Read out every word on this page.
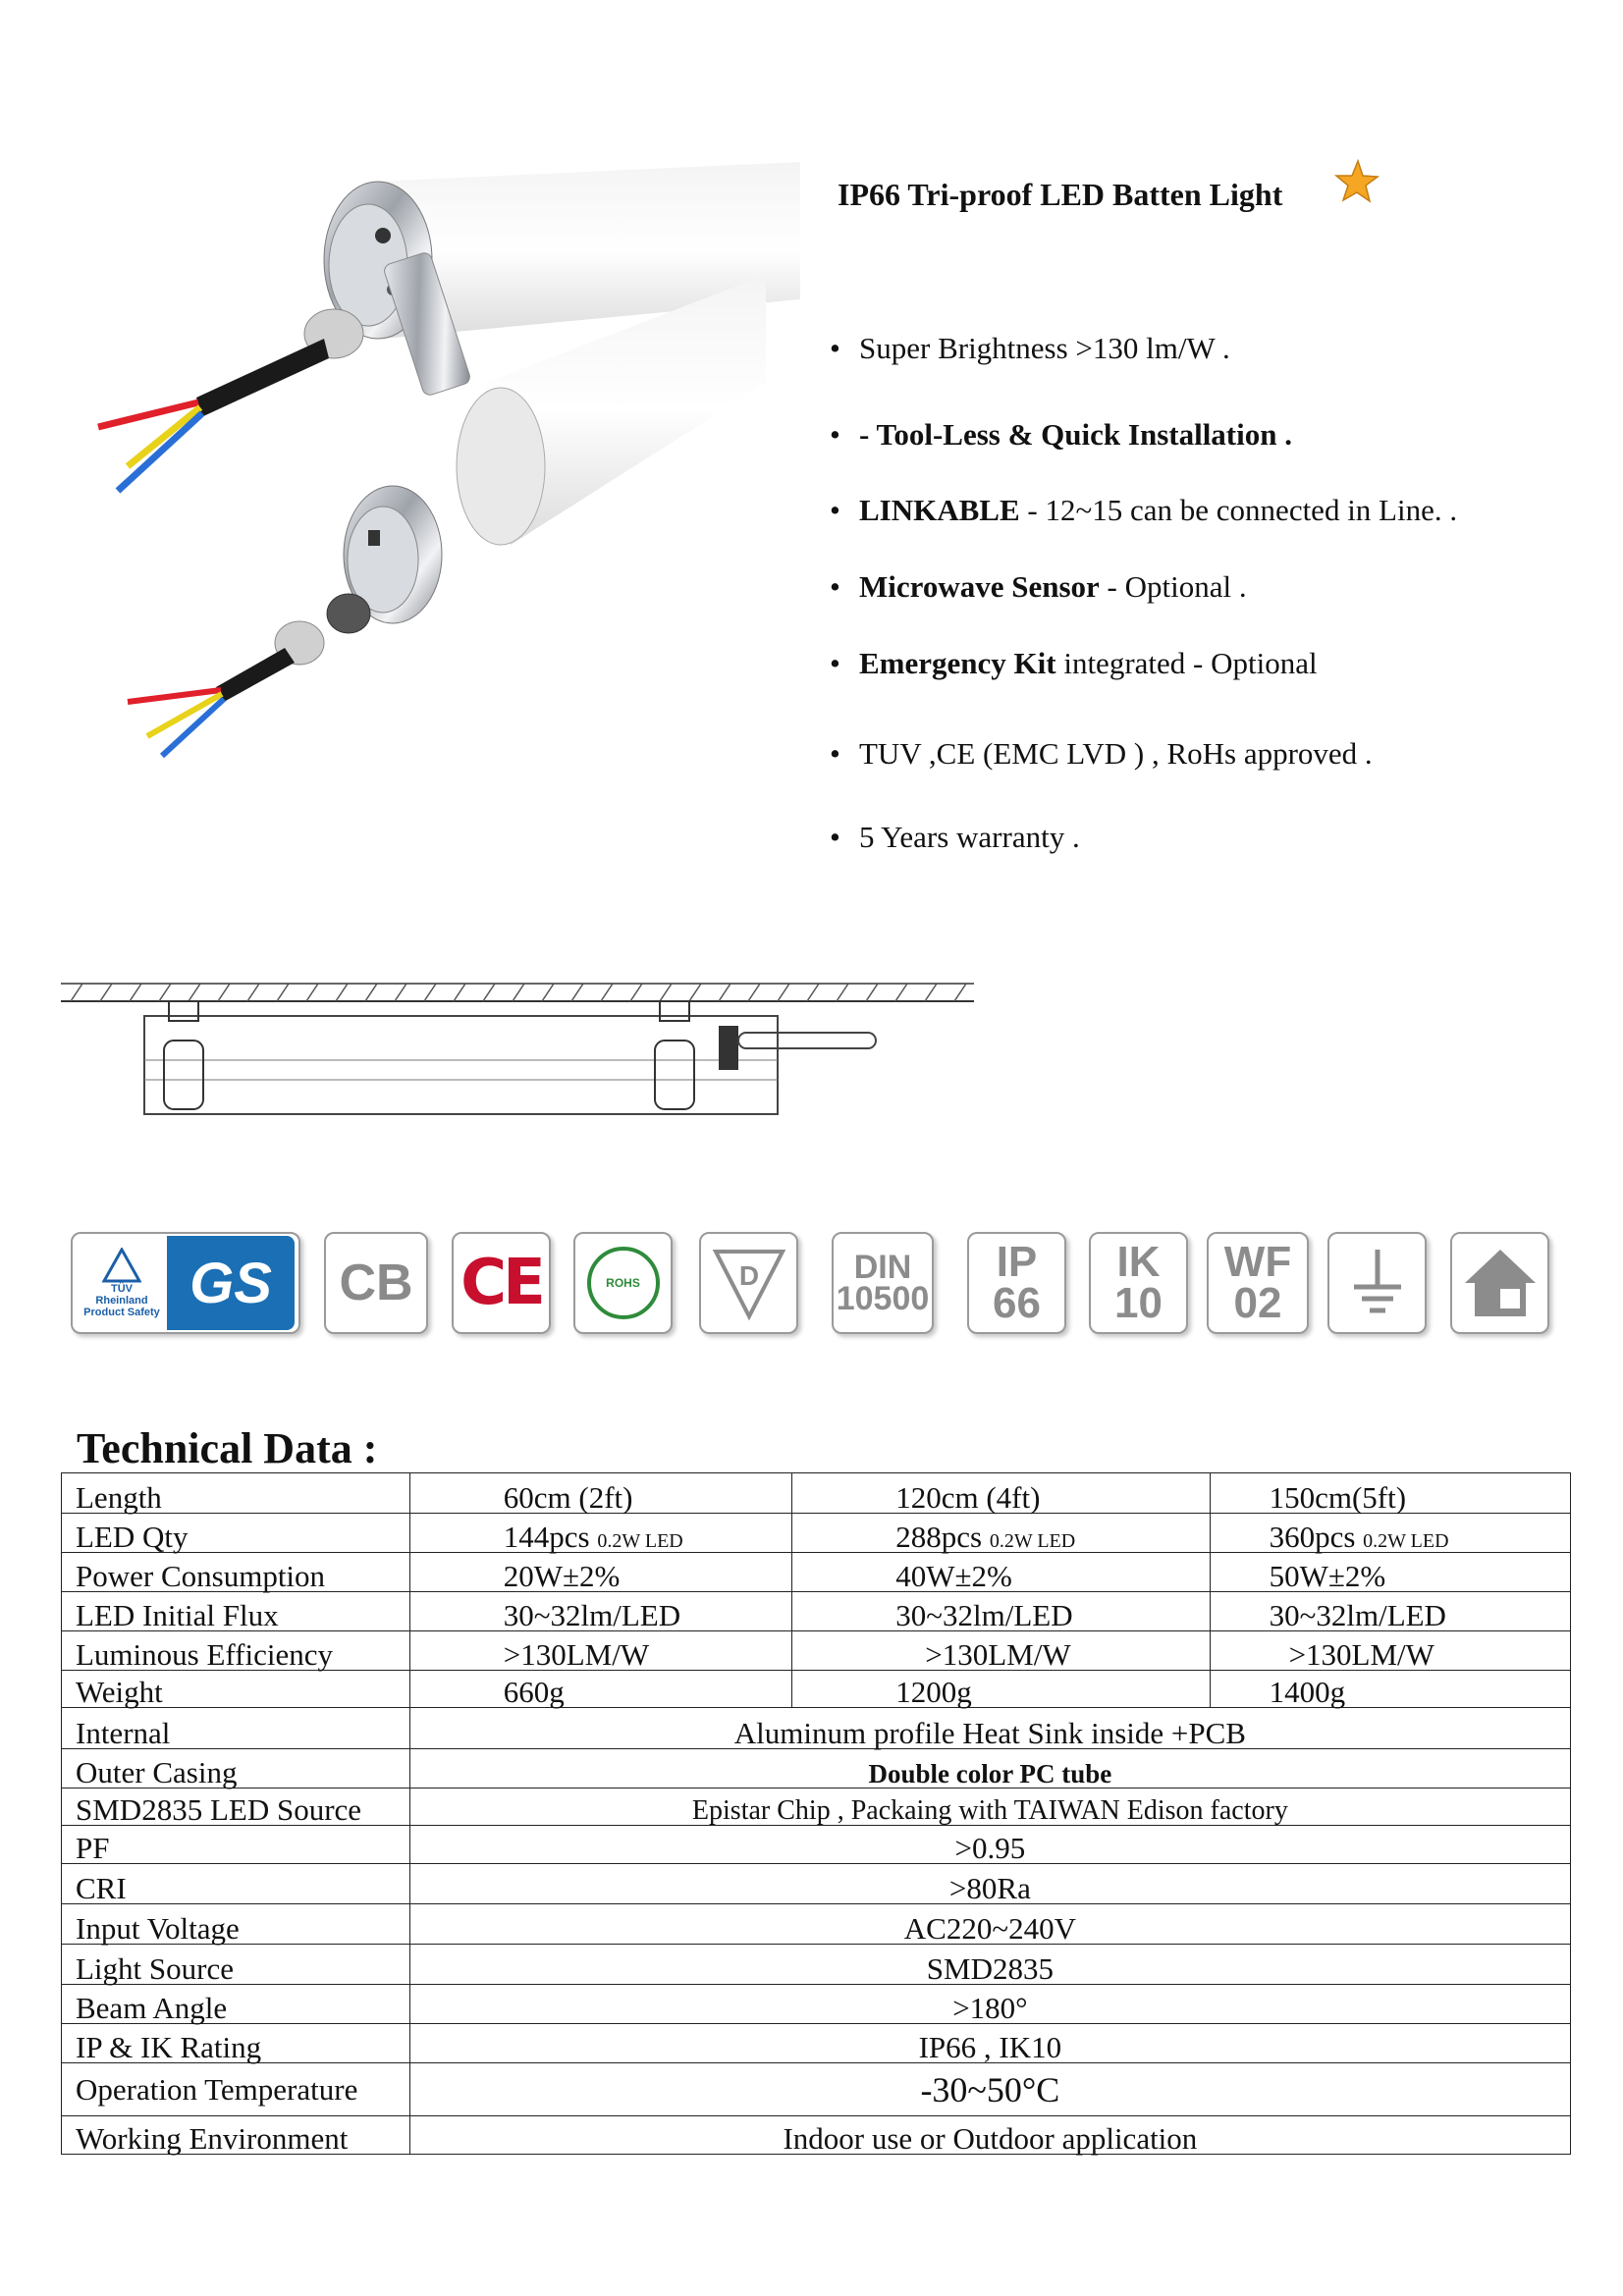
IP66 Tri-proof LED Batten Light
• Super Brightness >130 lm/W .
• - Tool-Less & Quick Installation .
• LINKABLE - 12~15 can be connected in Line. .
• Microwave Sensor - Optional .
• Emergency Kit integrated - Optional
• TUV ,CE (EMC LVD ) , RoHs approved .
• 5 Years warranty .
TÜV
Rheinland
Product Safety GS	CB CE	ROHS	D	DIN
10500
IP
66
IK
10
WF
02
Technical Data :
Length	60cm (2ft)	120cm (4ft)	150cm(5ft)
LED Qty	144pcs 0.2W LED	288pcs 0.2W LED	360pcs 0.2W LED
Power Consumption	20W±2%	40W±2%	50W±2%
LED Initial Flux	30~32lm/LED	30~32lm/LED	30~32lm/LED
Luminous Efficiency	>130LM/W	>130LM/W	>130LM/W
Weight	660g	1200g	1400g
Internal	Aluminum profile Heat Sink inside +PCB		
Outer Casing	Double color PC tube		
SMD2835 LED Source	Epistar Chip , Packaing with TAIWAN Edison factory		
PF	>0.95		
CRI	>80Ra		
Input Voltage	AC220~240V		
Light Source	SMD2835		
Beam Angle	>180°		
IP & IK Rating	IP66 , IK10		
Operation Temperature	-30~50°C		
Working Environment	Indoor use or Outdoor application		
